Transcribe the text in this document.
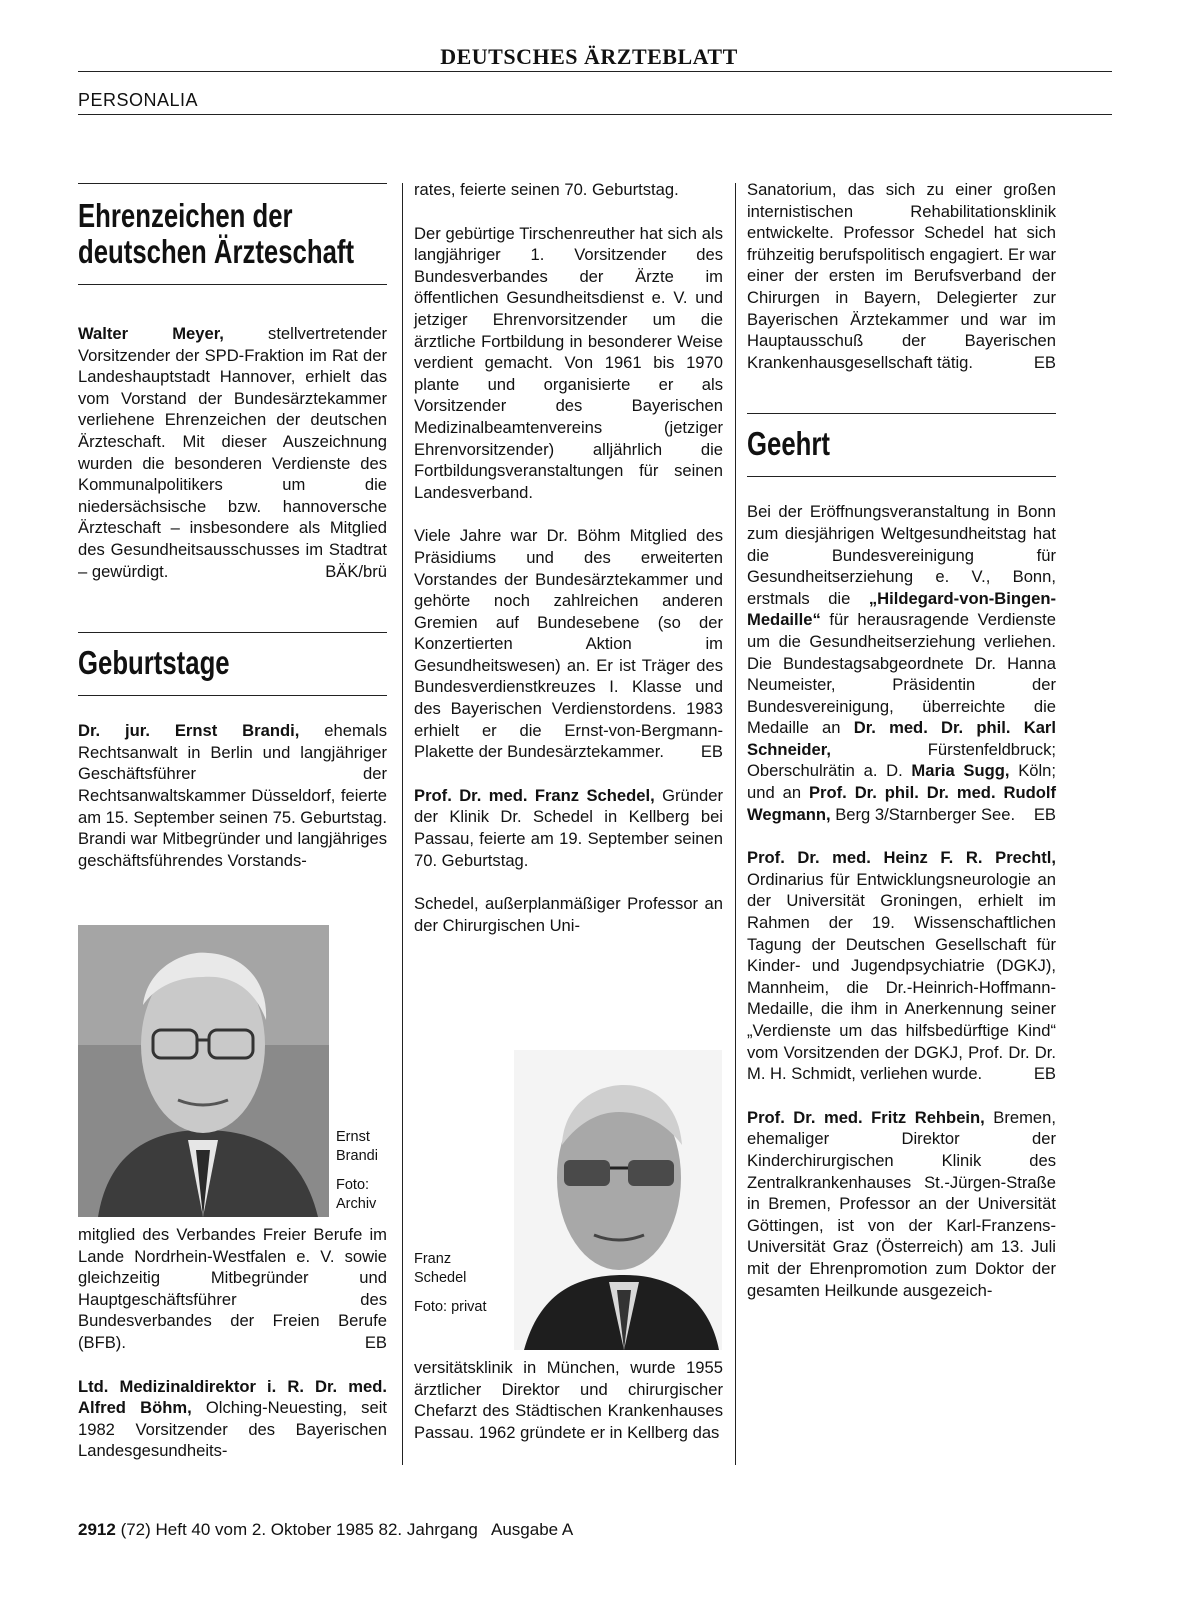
DEUTSCHES ÄRZTEBLATT
PERSONALIA
Ehrenzeichen der
deutschen Ärzteschaft

Walter Meyer, stellvertretender Vorsitzender der SPD-Fraktion im Rat der Landeshauptstadt Hannover, erhielt das vom Vorstand der Bundesärztekammer verliehene Ehrenzeichen der deutschen Ärzteschaft. Mit dieser Auszeichnung wurden die besonderen Verdienste des Kommunalpolitikers um die niedersächsische bzw. hannoversche Ärzteschaft – insbesondere als Mitglied des Gesundheitsausschusses im Stadtrat – gewürdigt.	BÄK/brü

Geburtstage

Dr. jur. Ernst Brandi, ehemals Rechtsanwalt in Berlin und langjähriger Geschäftsführer der Rechtsanwaltskammer Düsseldorf, feierte am 15. September seinen 75. Geburtstag. Brandi war Mitbegründer und langjähriges geschäftsführendes Vorstands-

Ernst Brandi
Foto: Archiv

mitglied des Verbandes Freier Berufe im Lande Nordrhein-Westfalen e. V. sowie gleichzeitig Mitbegründer und Hauptgeschäftsführer des Bundesverbandes der Freien Berufe (BFB).	EB

Ltd. Medizinaldirektor i. R. Dr. med. Alfred Böhm, Olching-Neuesting, seit 1982 Vorsitzender des Bayerischen Landesgesundheits-

rates, feierte seinen 70. Geburtstag.

Der gebürtige Tirschenreuther hat sich als langjähriger 1. Vorsitzender des Bundesverbandes der Ärzte im öffentlichen Gesundheitsdienst e. V. und jetziger Ehrenvorsitzender um die ärztliche Fortbildung in besonderer Weise verdient gemacht. Von 1961 bis 1970 plante und organisierte er als Vorsitzender des Bayerischen Medizinalbeamtenvereins (jetziger Ehrenvorsitzender) alljährlich die Fortbildungsveranstaltungen für seinen Landesverband.

Viele Jahre war Dr. Böhm Mitglied des Präsidiums und des erweiterten Vorstandes der Bundesärztekammer und gehörte noch zahlreichen anderen Gremien auf Bundesebene (so der Konzertierten Aktion im Gesundheitswesen) an. Er ist Träger des Bundesverdienstkreuzes I. Klasse und des Bayerischen Verdienstordens. 1983 erhielt er die Ernst-von-Bergmann-Plakette der Bundesärztekammer. EB

Prof. Dr. med. Franz Schedel, Gründer der Klinik Dr. Schedel in Kellberg bei Passau, feierte am 19. September seinen 70. Geburtstag.

Schedel, außerplanmäßiger Professor an der Chirurgischen Uni-

Franz Schedel
Foto: privat

versitätsklinik in München, wurde 1955 ärztlicher Direktor und chirurgischer Chefarzt des Städtischen Krankenhauses Passau. 1962 gründete er in Kellberg das

Sanatorium, das sich zu einer großen internistischen Rehabilitationsklinik entwickelte. Professor Schedel hat sich frühzeitig berufspolitisch engagiert. Er war einer der ersten im Berufsverband der Chirurgen in Bayern, Delegierter zur Bayerischen Ärztekammer und war im Hauptausschuß der Bayerischen Krankenhausgesellschaft tätig.	EB

Geehrt

Bei der Eröffnungsveranstaltung in Bonn zum diesjährigen Weltgesundheitstag hat die Bundesvereinigung für Gesundheitserziehung e. V., Bonn, erstmals die „Hildegard-von-Bingen-Medaille“ für herausragende Verdienste um die Gesundheitserziehung verliehen. Die Bundestagsabgeordnete Dr. Hanna Neumeister, Präsidentin der Bundesvereinigung, überreichte die Medaille an Dr. med. Dr. phil. Karl Schneider, Fürstenfeldbruck; Oberschulrätin a. D. Maria Sugg, Köln; und an Prof. Dr. phil. Dr. med. Rudolf Wegmann, Berg 3/Starnberger See. EB

Prof. Dr. med. Heinz F. R. Prechtl, Ordinarius für Entwicklungsneurologie an der Universität Groningen, erhielt im Rahmen der 19. Wissenschaftlichen Tagung der Deutschen Gesellschaft für Kinder- und Jugendpsychiatrie (DGKJ), Mannheim, die Dr.-Heinrich-Hoffmann-Medaille, die ihm in Anerkennung seiner „Verdienste um das hilfsbedürftige Kind“ vom Vorsitzenden der DGKJ, Prof. Dr. Dr. M. H. Schmidt, verliehen wurde.	EB

Prof. Dr. med. Fritz Rehbein, Bremen, ehemaliger Direktor der Kinderchirurgischen Klinik des Zentralkrankenhauses St.-Jürgen-Straße in Bremen, Professor an der Universität Göttingen, ist von der Karl-Franzens-Universität Graz (Österreich) am 13. Juli mit der Ehrenpromotion zum Doktor der gesamten Heilkunde ausgezeich-

2912 (72) Heft 40 vom 2. Oktober 1985 82. Jahrgang   Ausgabe A
